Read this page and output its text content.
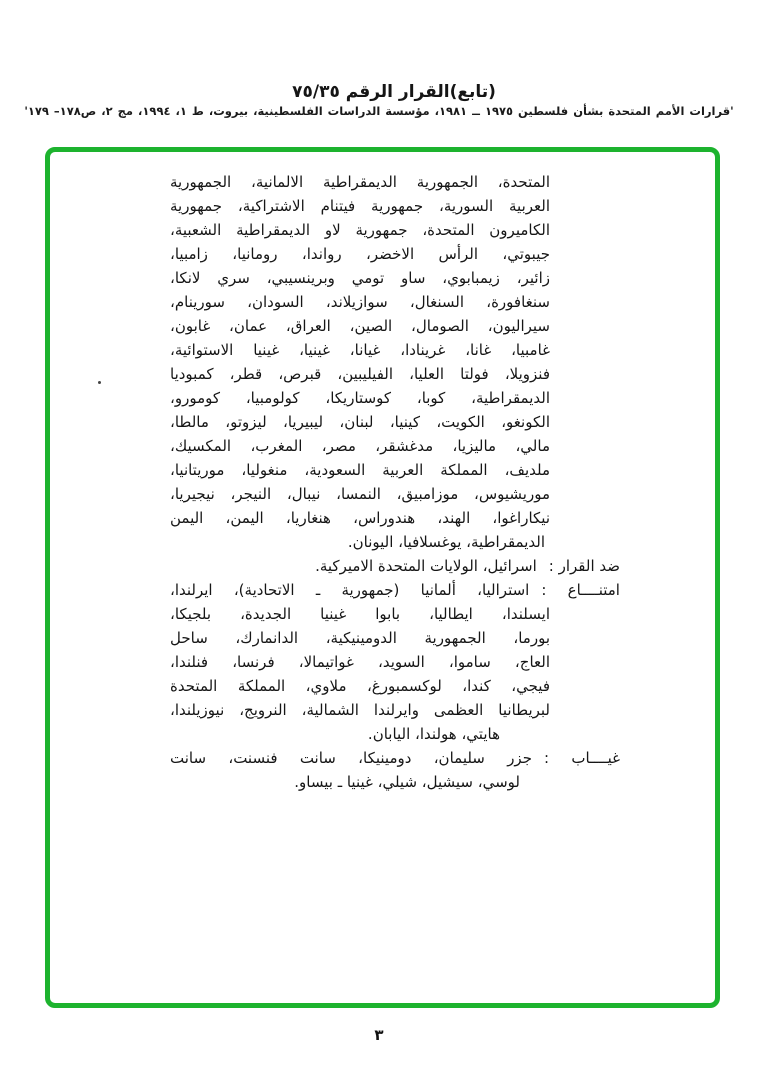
(تابع)القرار الرقم ٧٥/٣٥
'قرارات الأمم المتحدة بشأن فلسطين ١٩٧٥ ــ ١٩٨١، مؤسسة الدراسات الفلسطينية، بيروت، ط ١، ١٩٩٤، مج ٢، ص١٧٨– ١٧٩'
المتحدة، الجمهورية الديمقراطية الالمانية، الجمهورية
العربية السورية، جمهورية فيتنام الاشتراكية، جمهورية
الكاميرون المتحدة، جمهورية لاو الديمقراطية الشعبية،
جيبوتي، الرأس الاخضر، رواندا، رومانيا، زامبيا،
زائير، زيمبابوي، ساو تومي وبرينسيبي، سري لانكا،
سنغافورة، السنغال، سوازيلاند، السودان، سورينام،
سيراليون، الصومال، الصين، العراق، عمان، غابون،
غامبيا، غانا، غرينادا، غيانا، غينيا، غينيا الاستوائية،
فنزويلا، فولتا العليا، الفيليبين، قبرص، قطر، كمبوديا
الديمقراطية، كوبا، كوستاريكا، كولومبيا، كومورو،
الكونغو، الكويت، كينيا، لبنان، ليبيريا، ليزوتو، مالطا،
مالي، ماليزيا، مدغشقر، مصر، المغرب، المكسيك،
ملديف، المملكة العربية السعودية، منغوليا، موريتانيا،
موريشيوس، موزامبيق، النمسا، نيبال، النيجر، نيجيريا،
نيكاراغوا، الهند، هندوراس، هنغاريا، اليمن، اليمن
الديمقراطية، يوغسلافيا، اليونان.
ضد القرار :اسرائيل، الولايات المتحدة الاميركية.
امتنــــاع :استراليا، ألمانيا (جمهورية ـ الاتحادية)، ايرلندا،
ايسلندا، ايطاليا، بابوا غينيا الجديدة، بلجيكا،
بورما، الجمهورية الدومينيكية، الدانمارك، ساحل
العاج، ساموا، السويد، غواتيمالا، فرنسا، فنلندا،
فيجي، كندا، لوكسمبورغ، ملاوي، المملكة المتحدة
لبريطانيا العظمى وايرلندا الشمالية، النرويج، نيوزيلندا،
هايتي، هولندا، اليابان.
غيــــاب :جزر سليمان، دومينيكا، سانت فنسنت، سانت
لوسي، سيشيل، شيلي، غينيا ـ بيساو.
٣
